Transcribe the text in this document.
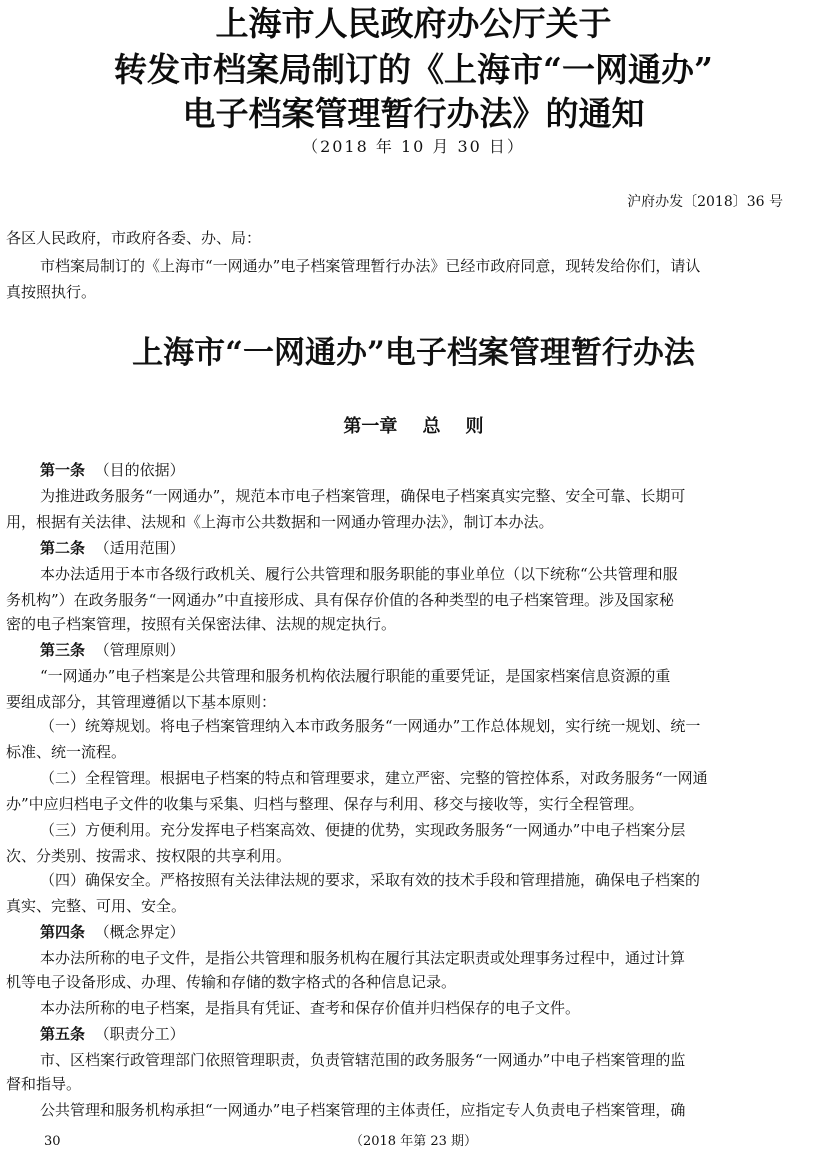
上海市人民政府办公厅关于
转发市档案局制订的《上海市“一网通办”
电子档案管理暂行办法》的通知
（2018 年 10 月 30 日）
沪府办发〔2018〕36 号
各区人民政府，市政府各委、办、局：
市档案局制订的《上海市“一网通办”电子档案管理暂行办法》已经市政府同意，现转发给你们，请认
真按照执行。
上海市“一网通办”电子档案管理暂行办法
第一章    总    则
第一条 （目的依据）
为推进政务服务“一网通办”，规范本市电子档案管理，确保电子档案真实完整、安全可靠、长期可
用，根据有关法律、法规和《上海市公共数据和一网通办管理办法》，制订本办法。
第二条 （适用范围）
本办法适用于本市各级行政机关、履行公共管理和服务职能的事业单位（以下统称“公共管理和服
务机构”）在政务服务“一网通办”中直接形成、具有保存价值的各种类型的电子档案管理。涉及国家秘
密的电子档案管理，按照有关保密法律、法规的规定执行。
第三条 （管理原则）
“一网通办”电子档案是公共管理和服务机构依法履行职能的重要凭证，是国家档案信息资源的重
要组成部分，其管理遵循以下基本原则：
（一）统筹规划。将电子档案管理纳入本市政务服务“一网通办”工作总体规划，实行统一规划、统一
标准、统一流程。
（二）全程管理。根据电子档案的特点和管理要求，建立严密、完整的管控体系，对政务服务“一网通
办”中应归档电子文件的收集与采集、归档与整理、保存与利用、移交与接收等，实行全程管理。
（三）方便利用。充分发挥电子档案高效、便捷的优势，实现政务服务“一网通办”中电子档案分层
次、分类别、按需求、按权限的共享利用。
（四）确保安全。严格按照有关法律法规的要求，采取有效的技术手段和管理措施，确保电子档案的
真实、完整、可用、安全。
第四条 （概念界定）
本办法所称的电子文件，是指公共管理和服务机构在履行其法定职责或处理事务过程中，通过计算
机等电子设备形成、办理、传输和存储的数字格式的各种信息记录。
本办法所称的电子档案，是指具有凭证、查考和保存价值并归档保存的电子文件。
第五条 （职责分工）
市、区档案行政管理部门依照管理职责，负责管辖范围的政务服务“一网通办”中电子档案管理的监
督和指导。
公共管理和服务机构承担“一网通办”电子档案管理的主体责任，应指定专人负责电子档案管理，确
30	（2018 年第 23 期）
